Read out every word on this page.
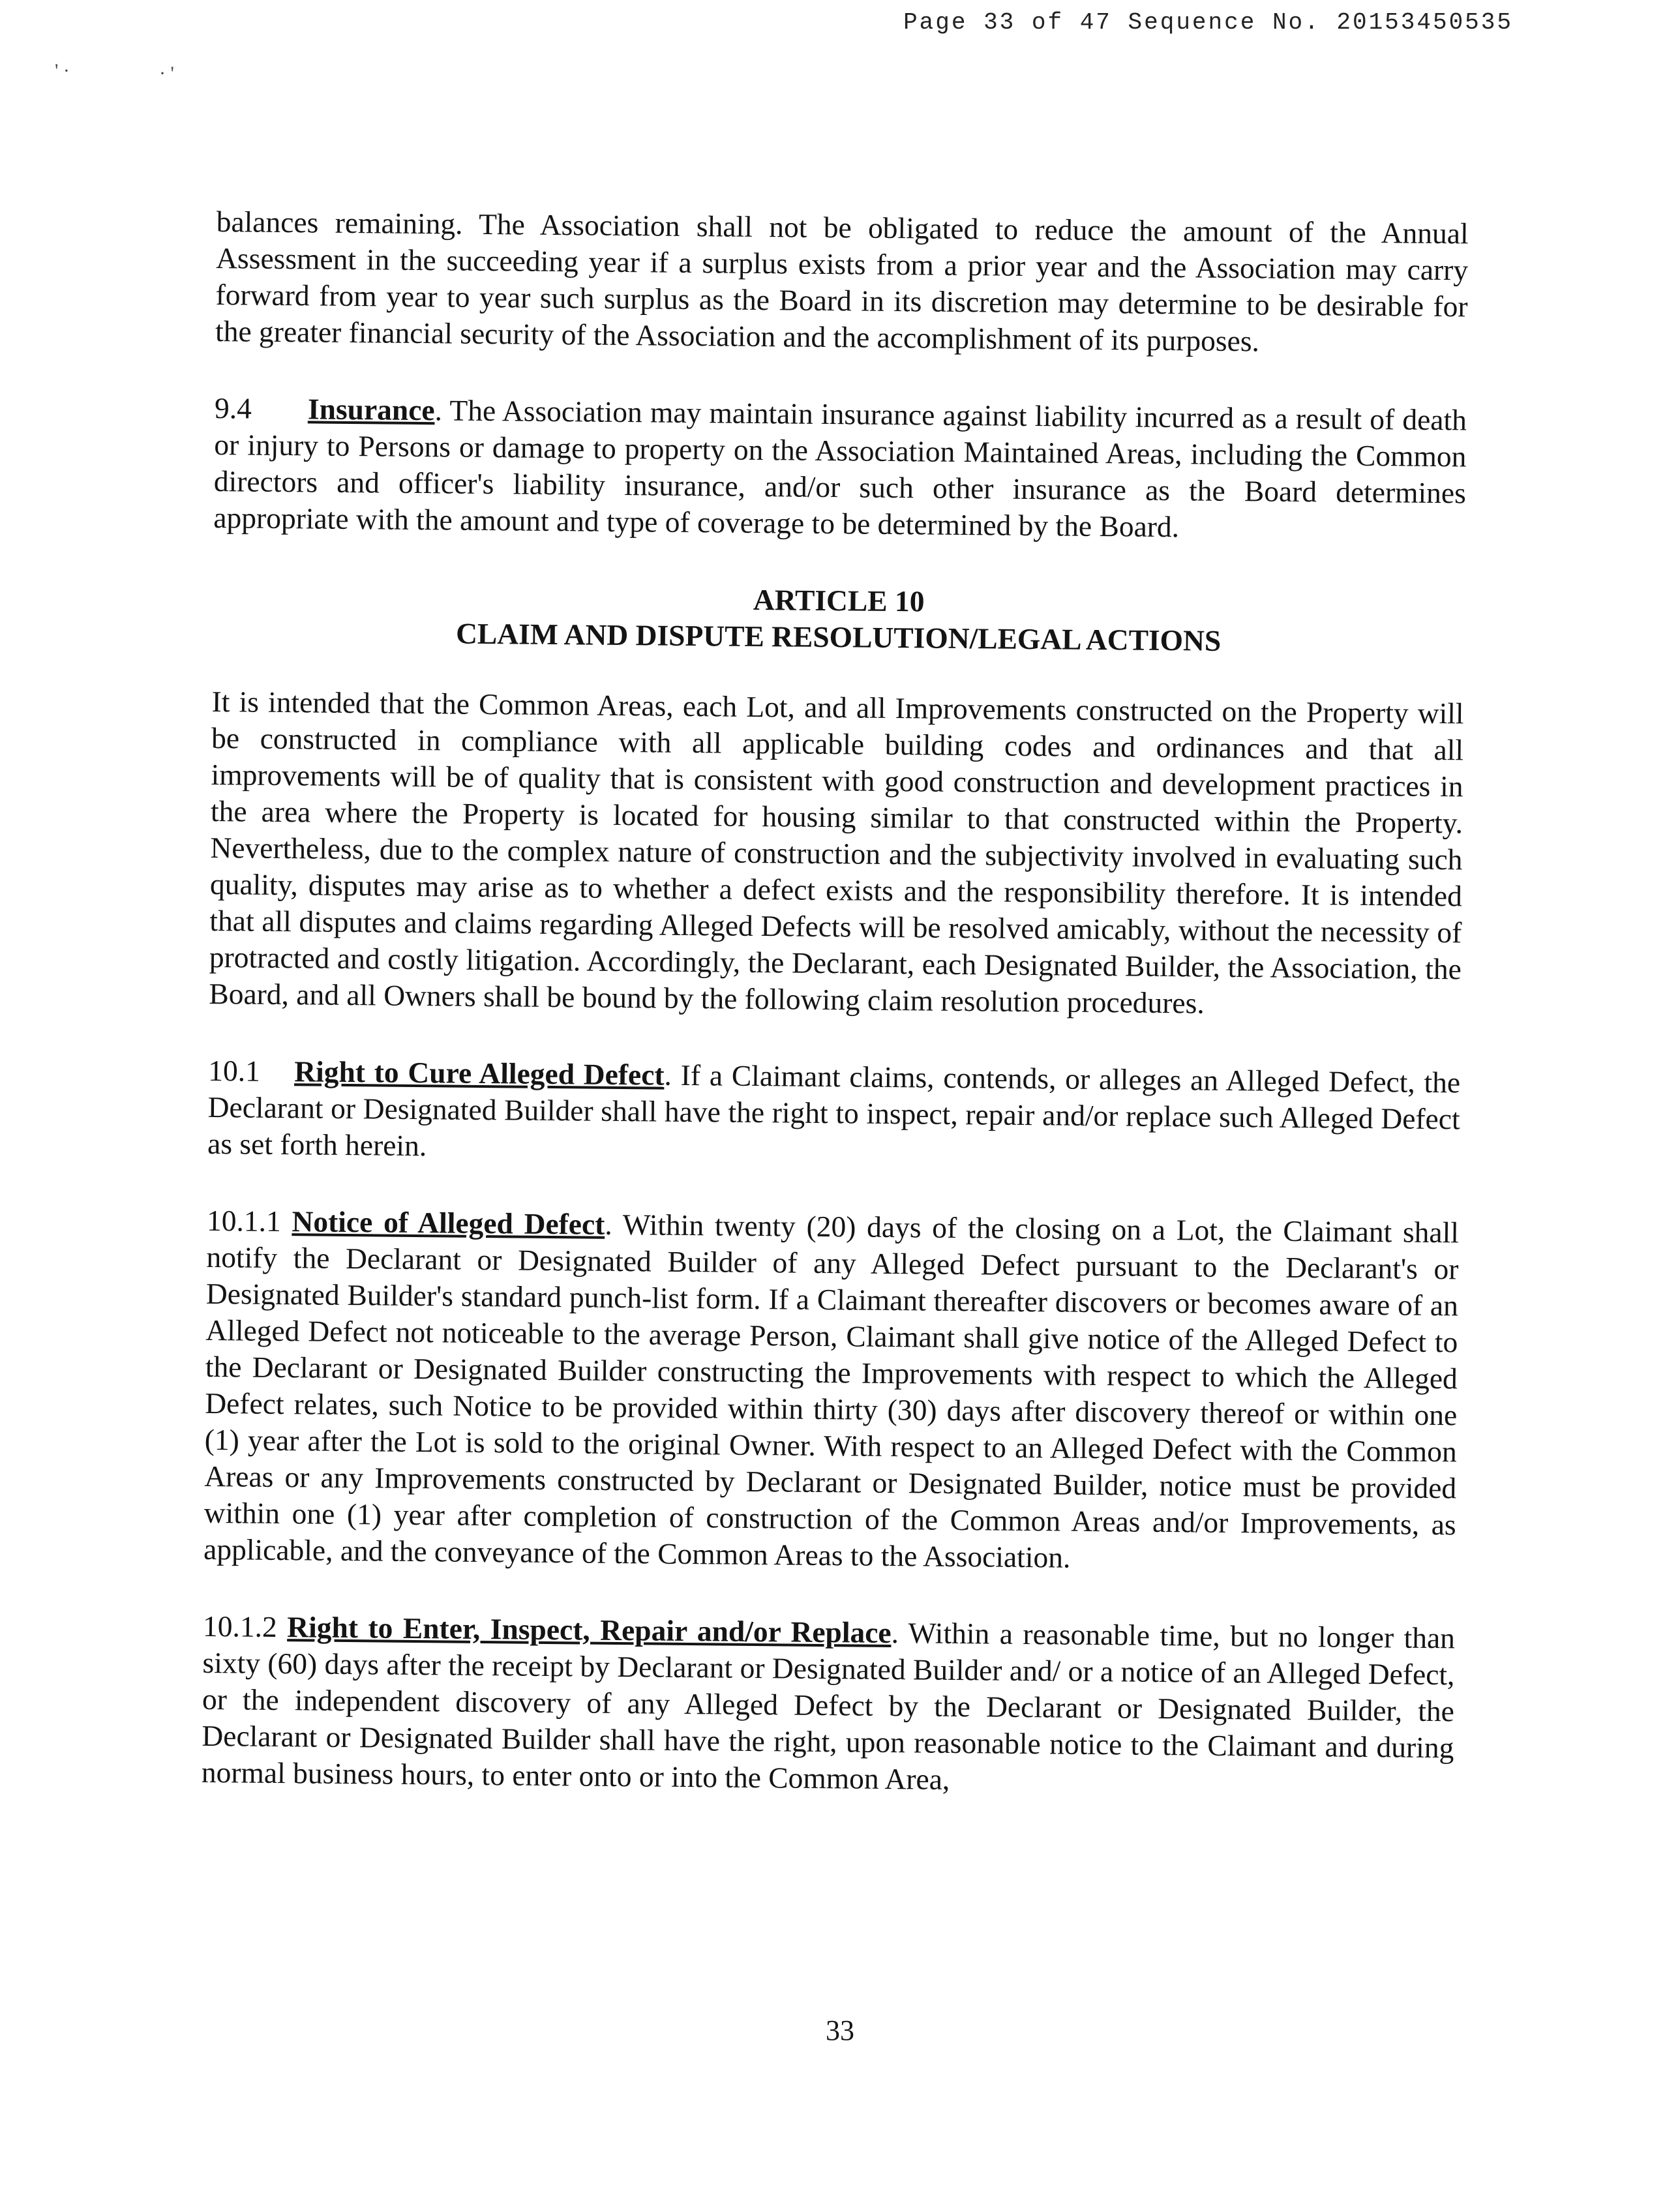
Page 33 of 47 Sequence No. 20153450535
' ·	· '

balances remaining. The Association shall not be obligated to reduce the amount of the Annual Assessment in the succeeding year if a surplus exists from a prior year and the Association may carry forward from year to year such surplus as the Board in its discretion may determine to be desirable for the greater financial security of the Association and the accomplishment of its purposes.

9.4 Insurance. The Association may maintain insurance against liability incurred as a result of death or injury to Persons or damage to property on the Association Maintained Areas, including the Common directors and officer's liability insurance, and/or such other insurance as the Board determines appropriate with the amount and type of coverage to be determined by the Board.

ARTICLE 10
CLAIM AND DISPUTE RESOLUTION/LEGAL ACTIONS

It is intended that the Common Areas, each Lot, and all Improvements constructed on the Property will be constructed in compliance with all applicable building codes and ordinances and that all improvements will be of quality that is consistent with good construction and development practices in the area where the Property is located for housing similar to that constructed within the Property. Nevertheless, due to the complex nature of construction and the subjectivity involved in evaluating such quality, disputes may arise as to whether a defect exists and the responsibility therefore. It is intended that all disputes and claims regarding Alleged Defects will be resolved amicably, without the necessity of protracted and costly litigation. Accordingly, the Declarant, each Designated Builder, the Association, the Board, and all Owners shall be bound by the following claim resolution procedures.

10.1 Right to Cure Alleged Defect. If a Claimant claims, contends, or alleges an Alleged Defect, the Declarant or Designated Builder shall have the right to inspect, repair and/or replace such Alleged Defect as set forth herein.

10.1.1 Notice of Alleged Defect. Within twenty (20) days of the closing on a Lot, the Claimant shall notify the Declarant or Designated Builder of any Alleged Defect pursuant to the Declarant's or Designated Builder's standard punch-list form. If a Claimant thereafter discovers or becomes aware of an Alleged Defect not noticeable to the average Person, Claimant shall give notice of the Alleged Defect to the Declarant or Designated Builder constructing the Improvements with respect to which the Alleged Defect relates, such Notice to be provided within thirty (30) days after discovery thereof or within one (1) year after the Lot is sold to the original Owner. With respect to an Alleged Defect with the Common Areas or any Improvements constructed by Declarant or Designated Builder, notice must be provided within one (1) year after completion of construction of the Common Areas and/or Improvements, as applicable, and the conveyance of the Common Areas to the Association.

10.1.2 Right to Enter, Inspect, Repair and/or Replace. Within a reasonable time, but no longer than sixty (60) days after the receipt by Declarant or Designated Builder and/ or a notice of an Alleged Defect, or the independent discovery of any Alleged Defect by the Declarant or Designated Builder, the Declarant or Designated Builder shall have the right, upon reasonable notice to the Claimant and during normal business hours, to enter onto or into the Common Area,

33
